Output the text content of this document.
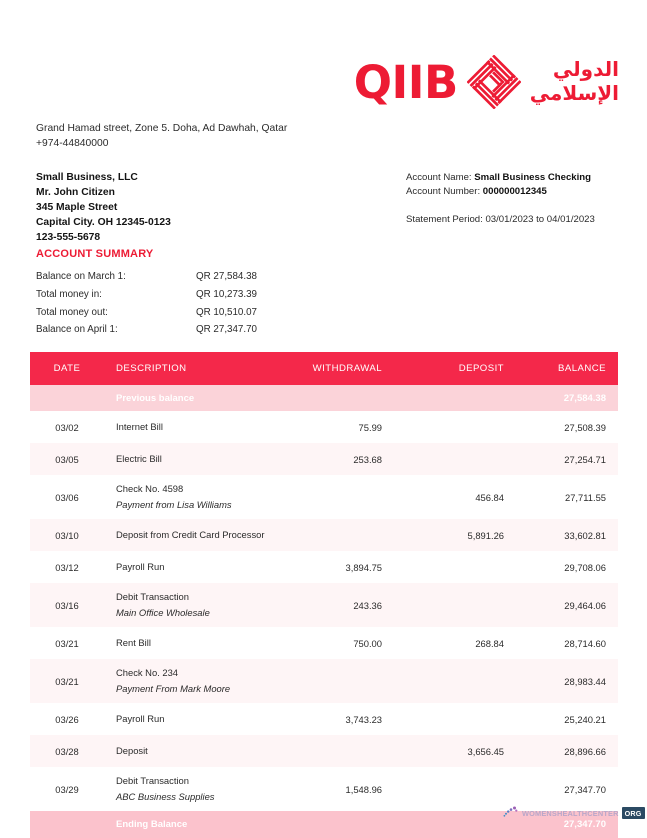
QIIB	الدولي
الإسلامي
Grand Hamad street, Zone 5. Doha, Ad Dawhah, Qatar
+974-44840000
Small Business, LLC
Mr. John Citizen
345 Maple Street
Capital City. OH 12345-0123
123-555-5678
Account Name: Small Business Checking
Account Number: 000000012345
Statement Period: 03/01/2023 to 04/01/2023
ACCOUNT SUMMARY
Balance on March 1:	QR 27,584.38
Total money in:	QR 10,273.39
Total money out:	QR 10,510.07
Balance on April 1:	QR 27,347.70
DATE	DESCRIPTION	WITHDRAWAL	DEPOSIT	BALANCE
	Previous balance			27,584.38
03/02	Internet Bill	75.99		27,508.39
03/05	Electric Bill	253.68		27,254.71
03/06	Check No. 4598
Payment from Lisa Williams		456.84	27,711.55
03/10	Deposit from Credit Card Processor		5,891.26	33,602.81
03/12	Payroll Run	3,894.75		29,708.06
03/16	Debit Transaction
Main Office Wholesale	243.36		29,464.06
03/21	Rent Bill	750.00	268.84	28,714.60
03/21	Check No. 234
Payment From Mark Moore			28,983.44
03/26	Payroll Run	3,743.23		25,240.21
03/28	Deposit		3,656.45	28,896.66
03/29	Debit Transaction
ABC Business Supplies	1,548.96		27,347.70
	Ending Balance			27,347.70
WOMENSHEALTHCENTER ORG
